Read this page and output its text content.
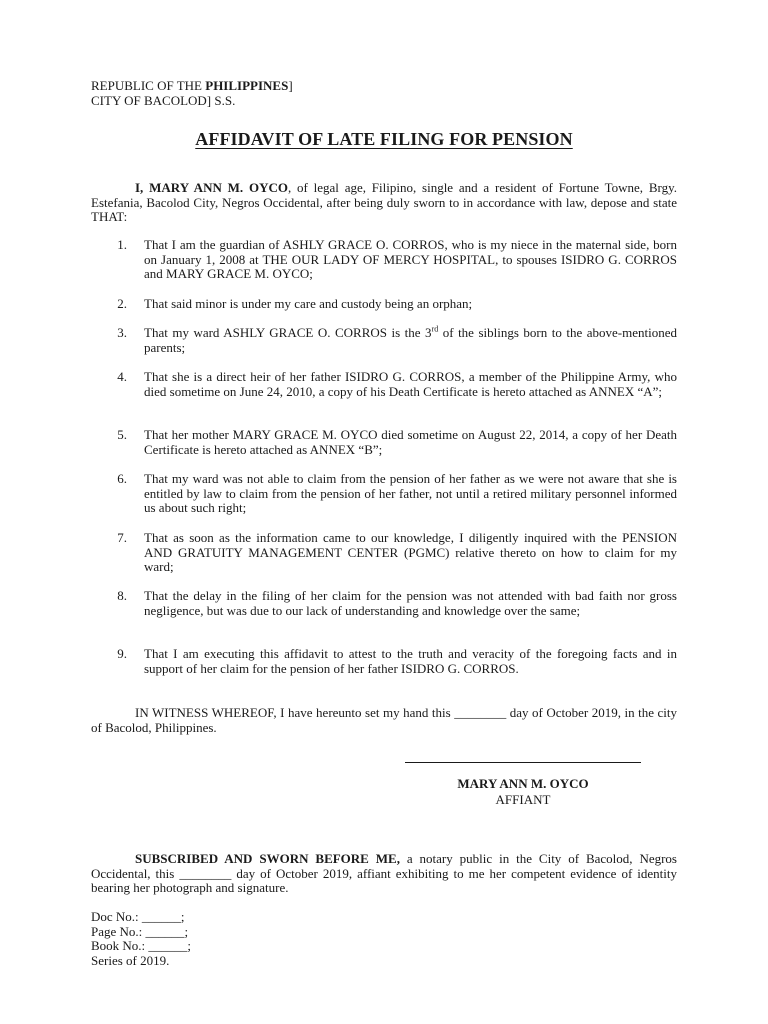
REPUBLIC OF THE PHILIPPINES]
CITY OF BACOLOD] S.S.
AFFIDAVIT OF LATE FILING FOR PENSION

I, MARY ANN M. OYCO, of legal age, Filipino, single and a resident of Fortune Towne, Brgy. Estefania, Bacolod City, Negros Occidental, after being duly sworn to in accordance with law, depose and state THAT:

1. That I am the guardian of ASHLY GRACE O. CORROS, who is my niece in the maternal side, born on January 1, 2008 at THE OUR LADY OF MERCY HOSPITAL, to spouses ISIDRO G. CORROS and MARY GRACE M. OYCO;
2. That said minor is under my care and custody being an orphan;
3. That my ward ASHLY GRACE O. CORROS is the 3rd of the siblings born to the above-mentioned parents;
4. That she is a direct heir of her father ISIDRO G. CORROS, a member of the Philippine Army, who died sometime on June 24, 2010, a copy of his Death Certificate is hereto attached as ANNEX “A”;
5. That her mother MARY GRACE M. OYCO died sometime on August 22, 2014, a copy of her Death Certificate is hereto attached as ANNEX “B”;
6. That my ward was not able to claim from the pension of her father as we were not aware that she is entitled by law to claim from the pension of her father, not until a retired military personnel informed us about such right;
7. That as soon as the information came to our knowledge, I diligently inquired with the PENSION AND GRATUITY MANAGEMENT CENTER (PGMC) relative thereto on how to claim for my ward;
8. That the delay in the filing of her claim for the pension was not attended with bad faith nor gross negligence, but was due to our lack of understanding and knowledge over the same;
9. That I am executing this affidavit to attest to the truth and veracity of the foregoing facts and in support of her claim for the pension of her father ISIDRO G. CORROS.

IN WITNESS WHEREOF, I have hereunto set my hand this ________ day of October 2019, in the city of Bacolod, Philippines.

MARY ANN M. OYCO
AFFIANT

SUBSCRIBED AND SWORN BEFORE ME, a notary public in the City of Bacolod, Negros Occidental, this ________ day of October 2019, affiant exhibiting to me her competent evidence of identity bearing her photograph and signature.

Doc No.: ______;
Page No.: ______;
Book No.: ______;
Series of 2019.
